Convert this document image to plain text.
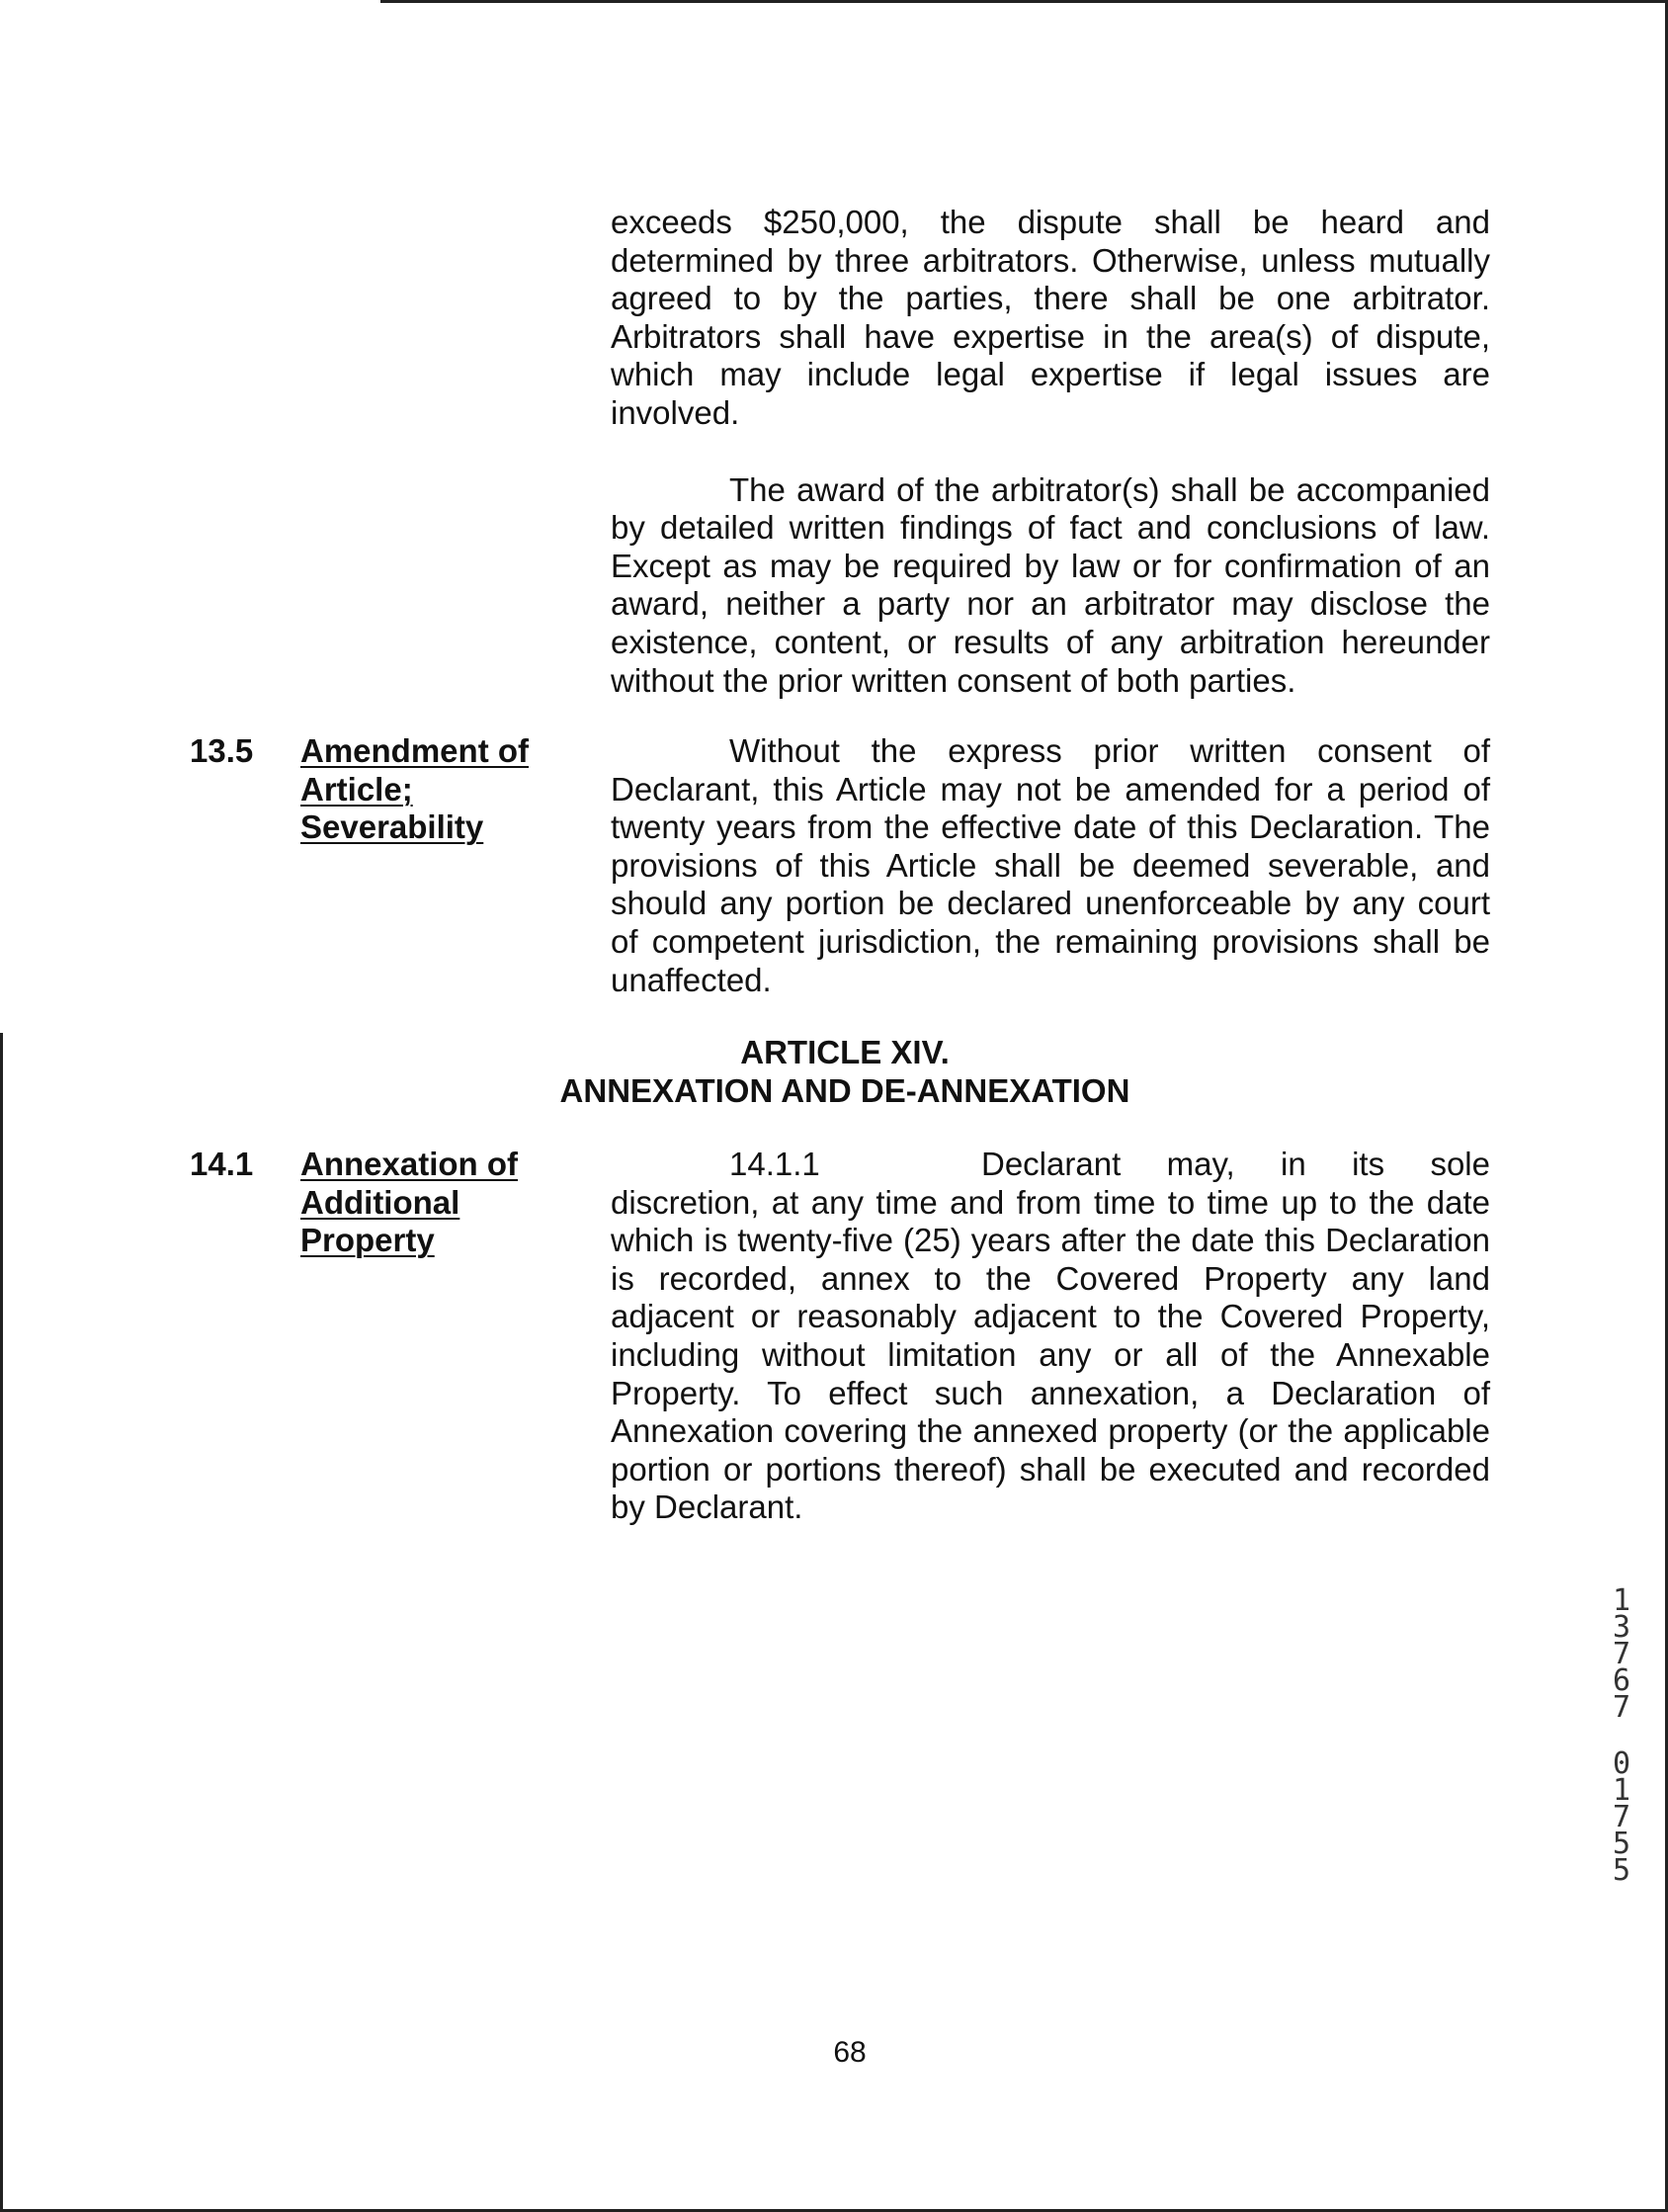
exceeds $250,000, the dispute shall be heard and determined by three arbitrators. Otherwise, unless mutually agreed to by the parties, there shall be one arbitrator. Arbitrators shall have expertise in the area(s) of dispute, which may include legal expertise if legal issues are involved.

The award of the arbitrator(s) shall be accompanied by detailed written findings of fact and conclusions of law. Except as may be required by law or for confirmation of an award, neither a party nor an arbitrator may disclose the existence, content, or results of any arbitration hereunder without the prior written consent of both parties.

13.5 Amendment of
Article;
Severability

Without the express prior written consent of Declarant, this Article may not be amended for a period of twenty years from the effective date of this Declaration. The provisions of this Article shall be deemed severable, and should any portion be declared unenforceable by any court of competent jurisdiction, the remaining provisions shall be unaffected.

ARTICLE XIV.
ANNEXATION AND DE-ANNEXATION
14.1 Annexation of
Additional
Property

14.1.1	Declarant may, in its sole discretion, at any time and from time to time up to the date which is twenty-five (25) years after the date this Declaration is recorded, annex to the Covered Property any land adjacent or reasonably adjacent to the Covered Property, including without limitation any or all of the Annexable Property. To effect such annexation, a Declaration of Annexation covering the annexed property (or the applicable portion or portions thereof) shall be executed and recorded by Declarant.

1
3
7
6
7
0
1
7
5
5
68
